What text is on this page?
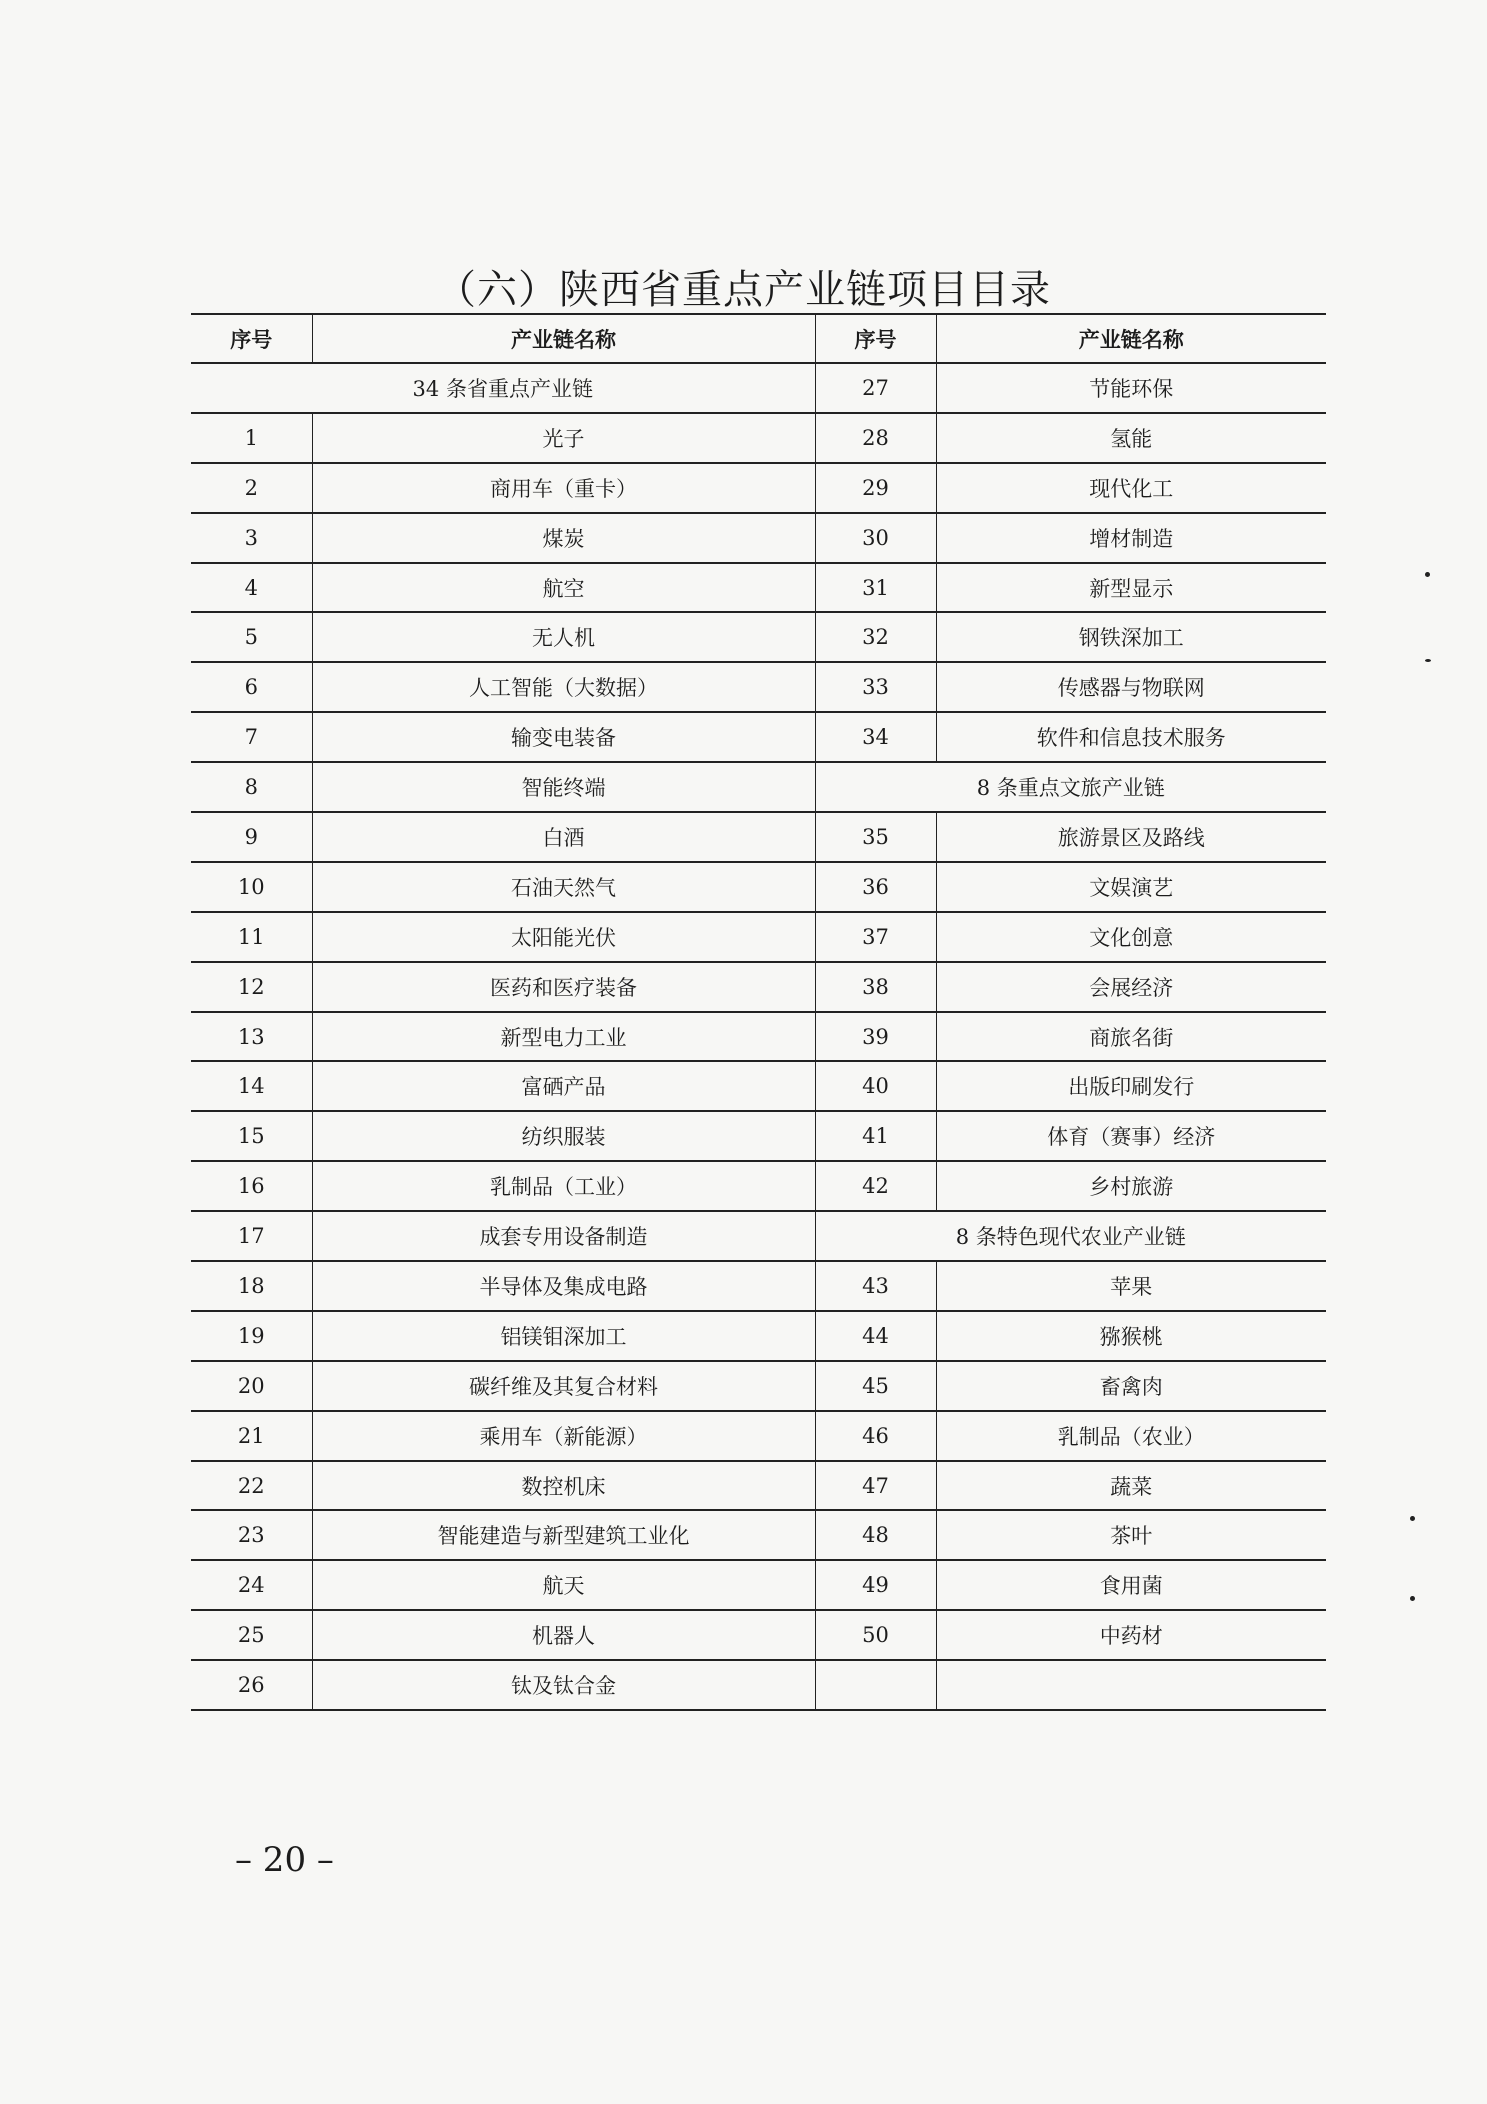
（六）陕西省重点产业链项目目录
序号	产业链名称	序号	产业链名称
34 条省重点产业链		27	节能环保
1	光子	28	氢能
2	商用车（重卡）	29	现代化工
3	煤炭	30	增材制造
4	航空	31	新型显示
5	无人机	32	钢铁深加工
6	人工智能（大数据）	33	传感器与物联网
7	输变电装备	34	软件和信息技术服务
8	智能终端	8 条重点文旅产业链	
9	白酒	35	旅游景区及路线
10	石油天然气	36	文娱演艺
11	太阳能光伏	37	文化创意
12	医药和医疗装备	38	会展经济
13	新型电力工业	39	商旅名街
14	富硒产品	40	出版印刷发行
15	纺织服装	41	体育（赛事）经济
16	乳制品（工业）	42	乡村旅游
17	成套专用设备制造	8 条特色现代农业产业链	
18	半导体及集成电路	43	苹果
19	铝镁钼深加工	44	猕猴桃
20	碳纤维及其复合材料	45	畜禽肉
21	乘用车（新能源）	46	乳制品（农业）
22	数控机床	47	蔬菜
23	智能建造与新型建筑工业化	48	茶叶
24	航天	49	食用菌
25	机器人	50	中药材
26	钛及钛合金		
– 20 –
